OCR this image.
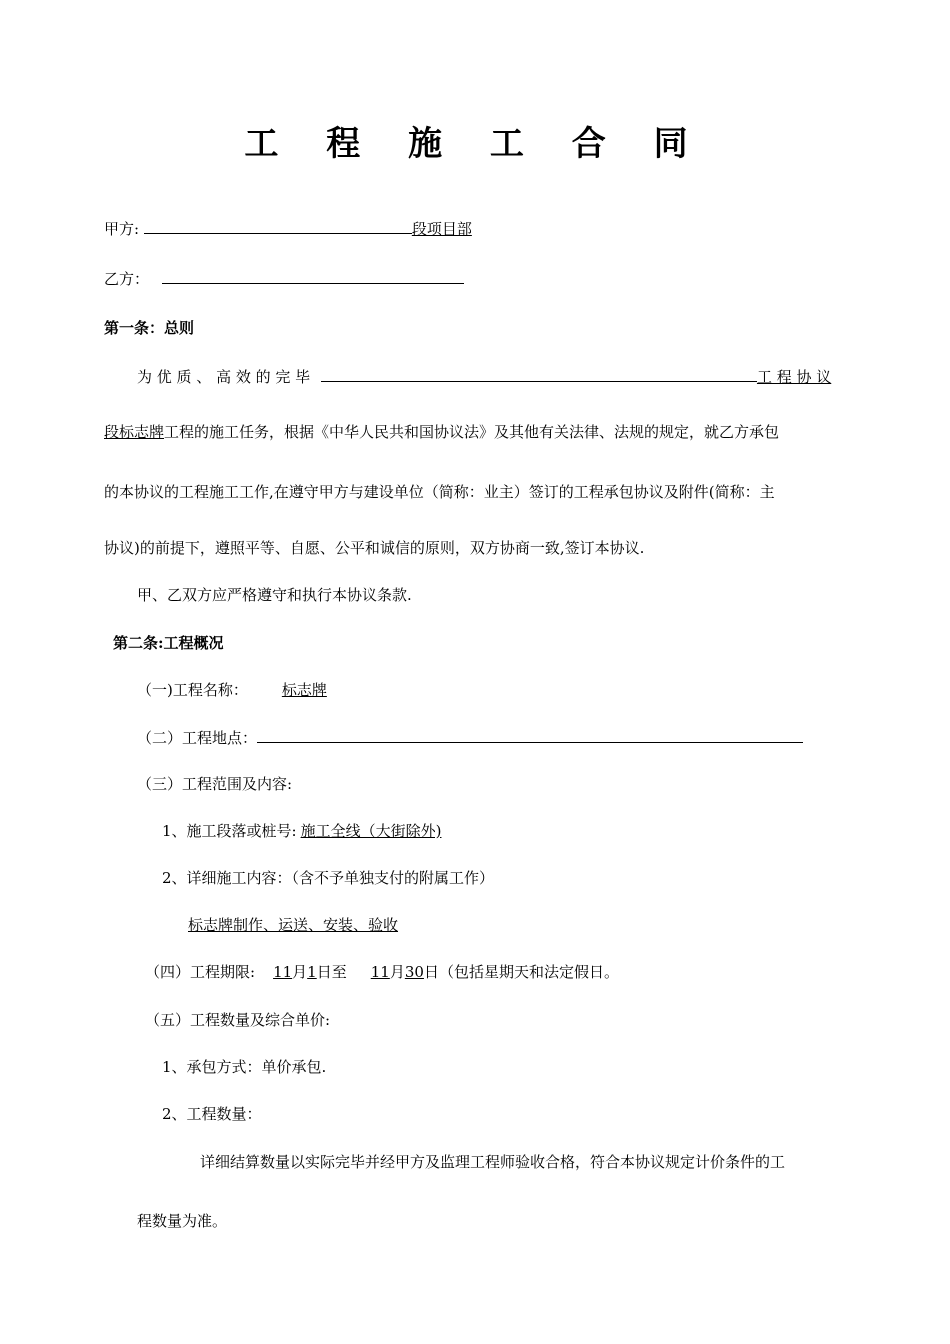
工 程 施 工 合 同
甲方:	段项目部
乙方：
第一条：总则
为 优 质 、 高 效 的 完 毕	工 程 协 议
段标志牌工程的施工任务，根据《中华人民共和国协议法》及其他有关法律、法规的规定，就乙方承包
的本协议的工程施工工作,在遵守甲方与建设单位（简称：业主）签订的工程承包协议及附件(简称：主
协议)的前提下，遵照平等、自愿、公平和诚信的原则，双方协商一致,签订本协议.
甲、乙双方应严格遵守和执行本协议条款.
第二条:工程概况
（一)工程名称： 标志牌
（二）工程地点：
（三）工程范围及内容:
1、施工段落或桩号: 施工全线（大街除外)
2、详细施工内容：（含不予单独支付的附属工作）
标志牌制作、运送、安装、验收
（四）工程期限: 11月1日至 11月30日（包括星期天和法定假日。
（五）工程数量及综合单价:
1、承包方式：单价承包.
2、工程数量：
详细结算数量以实际完毕并经甲方及监理工程师验收合格，符合本协议规定计价条件的工
程数量为准。
